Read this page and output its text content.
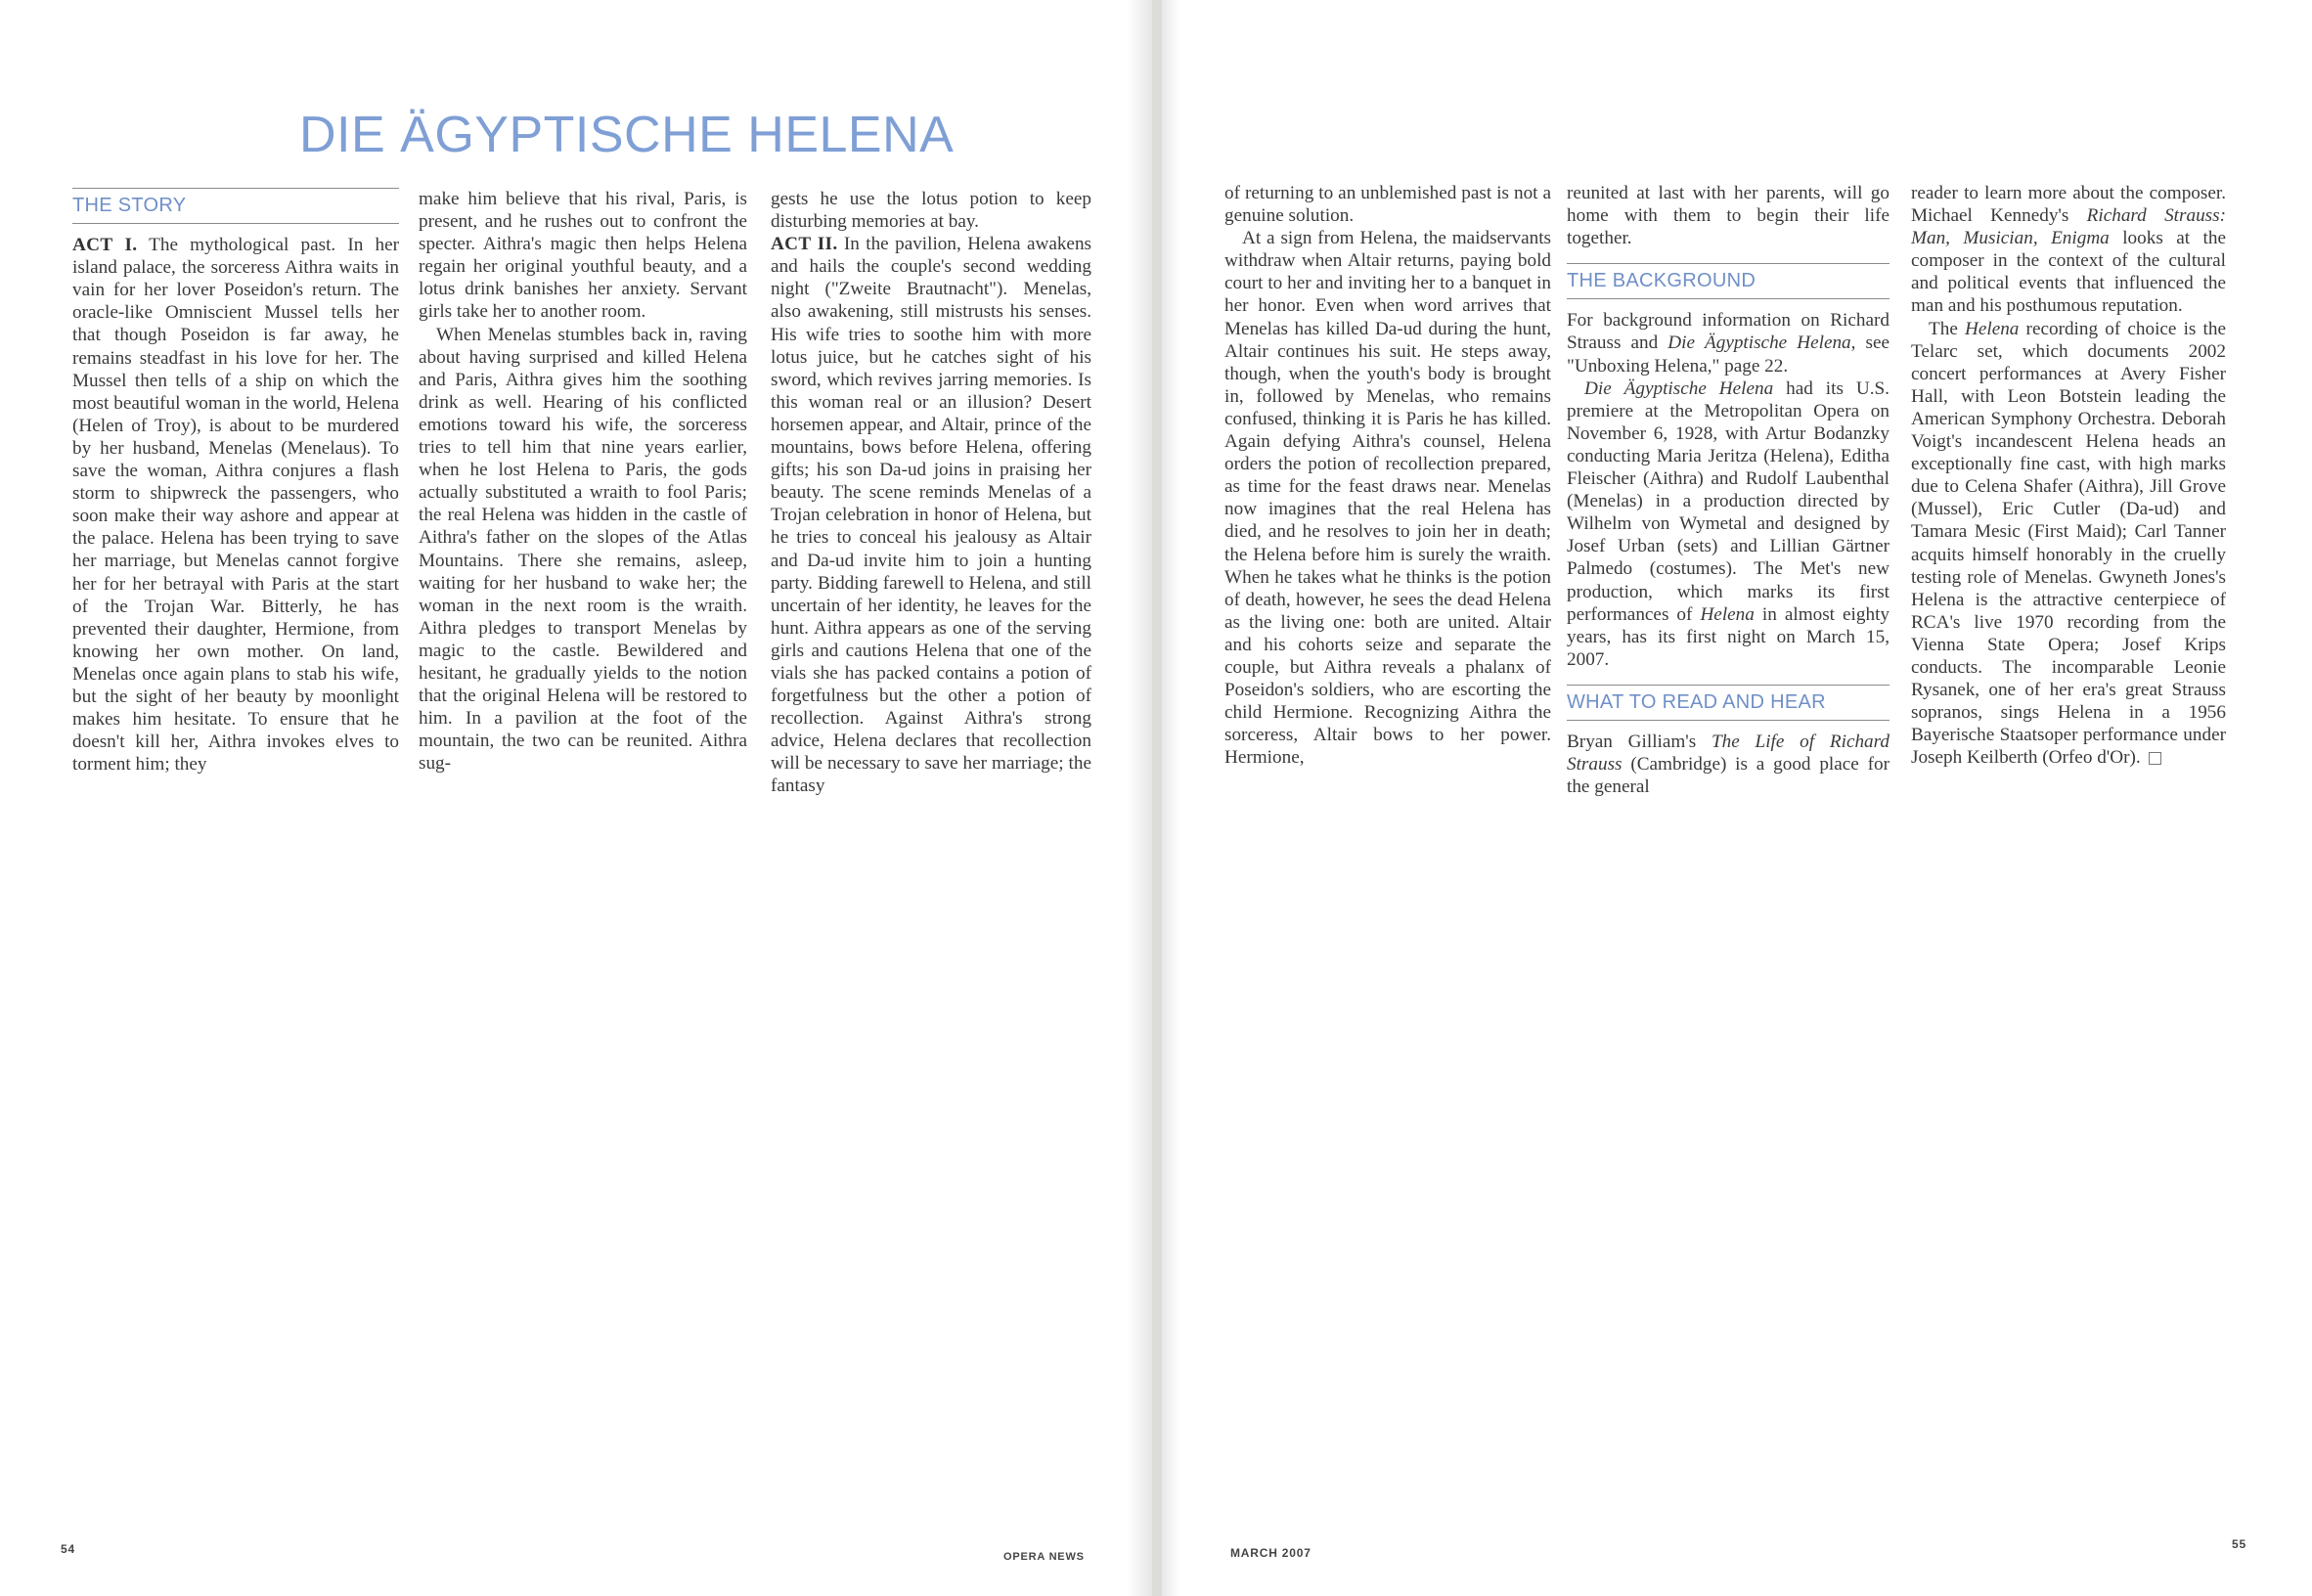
DIE ÄGYPTISCHE HELENA
THE STORY

ACT I. The mythological past. In her island palace, the sorceress Aithra waits in vain for her lover Poseidon's return. The oracle-like Omniscient Mussel tells her that though Poseidon is far away, he remains steadfast in his love for her. The Mussel then tells of a ship on which the most beautiful woman in the world, Helena (Helen of Troy), is about to be murdered by her husband, Menelas (Menelaus). To save the woman, Aithra conjures a flash storm to shipwreck the passengers, who soon make their way ashore and appear at the palace. Helena has been trying to save her marriage, but Menelas cannot forgive her for her betrayal with Paris at the start of the Trojan War. Bitterly, he has prevented their daughter, Hermione, from knowing her own mother. On land, Menelas once again plans to stab his wife, but the sight of her beauty by moonlight makes him hesitate. To ensure that he doesn't kill her, Aithra invokes elves to torment him; they

make him believe that his rival, Paris, is present, and he rushes out to confront the specter. Aithra's magic then helps Helena regain her original youthful beauty, and a lotus drink banishes her anxiety. Servant girls take her to another room.

When Menelas stumbles back in, raving about having surprised and killed Helena and Paris, Aithra gives him the soothing drink as well. Hearing of his conflicted emotions toward his wife, the sorceress tries to tell him that nine years earlier, when he lost Helena to Paris, the gods actually substituted a wraith to fool Paris; the real Helena was hidden in the castle of Aithra's father on the slopes of the Atlas Mountains. There she remains, asleep, waiting for her husband to wake her; the woman in the next room is the wraith. Aithra pledges to transport Menelas by magic to the castle. Bewildered and hesitant, he gradually yields to the notion that the original Helena will be restored to him. In a pavilion at the foot of the mountain, the two can be reunited. Aithra sug-

gests he use the lotus potion to keep disturbing memories at bay.

ACT II. In the pavilion, Helena awakens and hails the couple's second wedding night ("Zweite Brautnacht"). Menelas, also awakening, still mistrusts his senses. His wife tries to soothe him with more lotus juice, but he catches sight of his sword, which revives jarring memories. Is this woman real or an illusion? Desert horsemen appear, and Altair, prince of the mountains, bows before Helena, offering gifts; his son Da-ud joins in praising her beauty. The scene reminds Menelas of a Trojan celebration in honor of Helena, but he tries to conceal his jealousy as Altair and Da-ud invite him to join a hunting party. Bidding farewell to Helena, and still uncertain of her identity, he leaves for the hunt. Aithra appears as one of the serving girls and cautions Helena that one of the vials she has packed contains a potion of forgetfulness but the other a potion of recollection. Against Aithra's strong advice, Helena declares that recollection will be necessary to save her marriage; the fantasy

54
OPERA NEWS

of returning to an unblemished past is not a genuine solution.

At a sign from Helena, the maidservants withdraw when Altair returns, paying bold court to her and inviting her to a banquet in her honor. Even when word arrives that Menelas has killed Da-ud during the hunt, Altair continues his suit. He steps away, though, when the youth's body is brought in, followed by Menelas, who remains confused, thinking it is Paris he has killed. Again defying Aithra's counsel, Helena orders the potion of recollection prepared, as time for the feast draws near. Menelas now imagines that the real Helena has died, and he resolves to join her in death; the Helena before him is surely the wraith. When he takes what he thinks is the potion of death, however, he sees the dead Helena as the living one: both are united. Altair and his cohorts seize and separate the couple, but Aithra reveals a phalanx of Poseidon's soldiers, who are escorting the child Hermione. Recognizing Aithra the sorceress, Altair bows to her power. Hermione,

reunited at last with her parents, will go home with them to begin their life together.

THE BACKGROUND

For background information on Richard Strauss and Die Ägyptische Helena, see "Unboxing Helena," page 22.

Die Ägyptische Helena had its U.S. premiere at the Metropolitan Opera on November 6, 1928, with Artur Bodanzky conducting Maria Jeritza (Helena), Editha Fleischer (Aithra) and Rudolf Laubenthal (Menelas) in a production directed by Wilhelm von Wymetal and designed by Josef Urban (sets) and Lillian Gärtner Palmedo (costumes). The Met's new production, which marks its first performances of Helena in almost eighty years, has its first night on March 15, 2007.

WHAT TO READ AND HEAR

Bryan Gilliam's The Life of Richard Strauss (Cambridge) is a good place for the general

reader to learn more about the composer. Michael Kennedy's Richard Strauss: Man, Musician, Enigma looks at the composer in the context of the cultural and political events that influenced the man and his posthumous reputation.

The Helena recording of choice is the Telarc set, which documents 2002 concert performances at Avery Fisher Hall, with Leon Botstein leading the American Symphony Orchestra. Deborah Voigt's incandescent Helena heads an exceptionally fine cast, with high marks due to Celena Shafer (Aithra), Jill Grove (Mussel), Eric Cutler (Da-ud) and Tamara Mesic (First Maid); Carl Tanner acquits himself honorably in the cruelly testing role of Menelas. Gwyneth Jones's Helena is the attractive centerpiece of RCA's live 1970 recording from the Vienna State Opera; Josef Krips conducts. The incomparable Leonie Rysanek, one of her era's great Strauss sopranos, sings Helena in a 1956 Bayerische Staatsoper performance under Joseph Keilberth (Orfeo d'Or).

MARCH 2007
55
